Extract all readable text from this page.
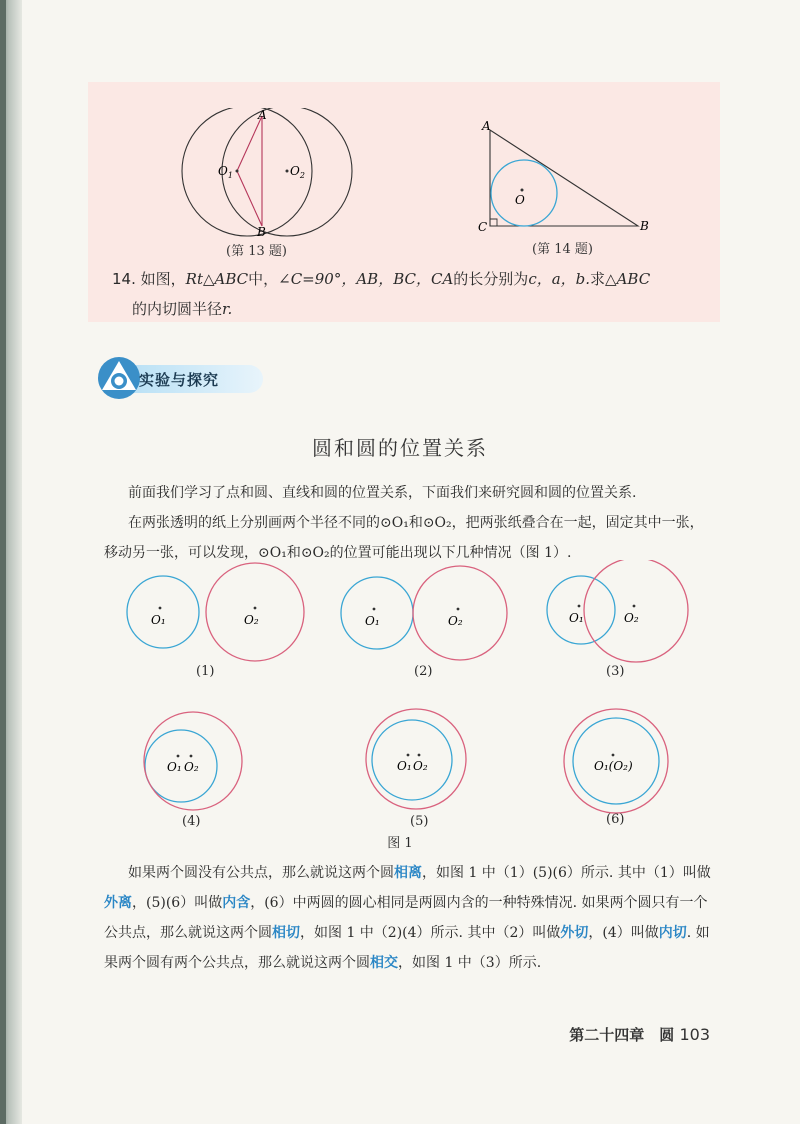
A
B
$O_1$	$O_2$
(第 13 题)
A
C	B
O
(第 14 题)
14. 如图，Rt△ABC中，∠C=90°，AB，BC，CA的长分别为c，a，b.求△ABC
的内切圆半径r.
实验与探究
圆和圆的位置关系
前面我们学习了点和圆、直线和圆的位置关系，下面我们来研究圆和圆的位置关系.
在两张透明的纸上分别画两个半径不同的⊙O₁和⊙O₂，把两张纸叠合在一起，固定其中一张，移动另一张，可以发现，⊙O₁和⊙O₂的位置可能出现以下几种情况（图 1）.
O₁	O₂	O₁	O₂	O₁	O₂
(1)	(2)	(3)
O₁ O₂	O₁ O₂	O₁(O₂)
(4)	(5)	(6)
图 1
如果两个圆没有公共点，那么就说这两个圆相离，如图 1 中（1）(5)(6）所示. 其中（1）叫做外离，(5)(6）叫做内含，(6）中两圆的圆心相同是两圆内含的一种特殊情况. 如果两个圆只有一个公共点，那么就说这两个圆相切，如图 1 中（2)(4）所示. 其中（2）叫做外切，(4）叫做内切. 如果两个圆有两个公共点，那么就说这两个圆相交，如图 1 中（3）所示.
第二十四章　圆 103
